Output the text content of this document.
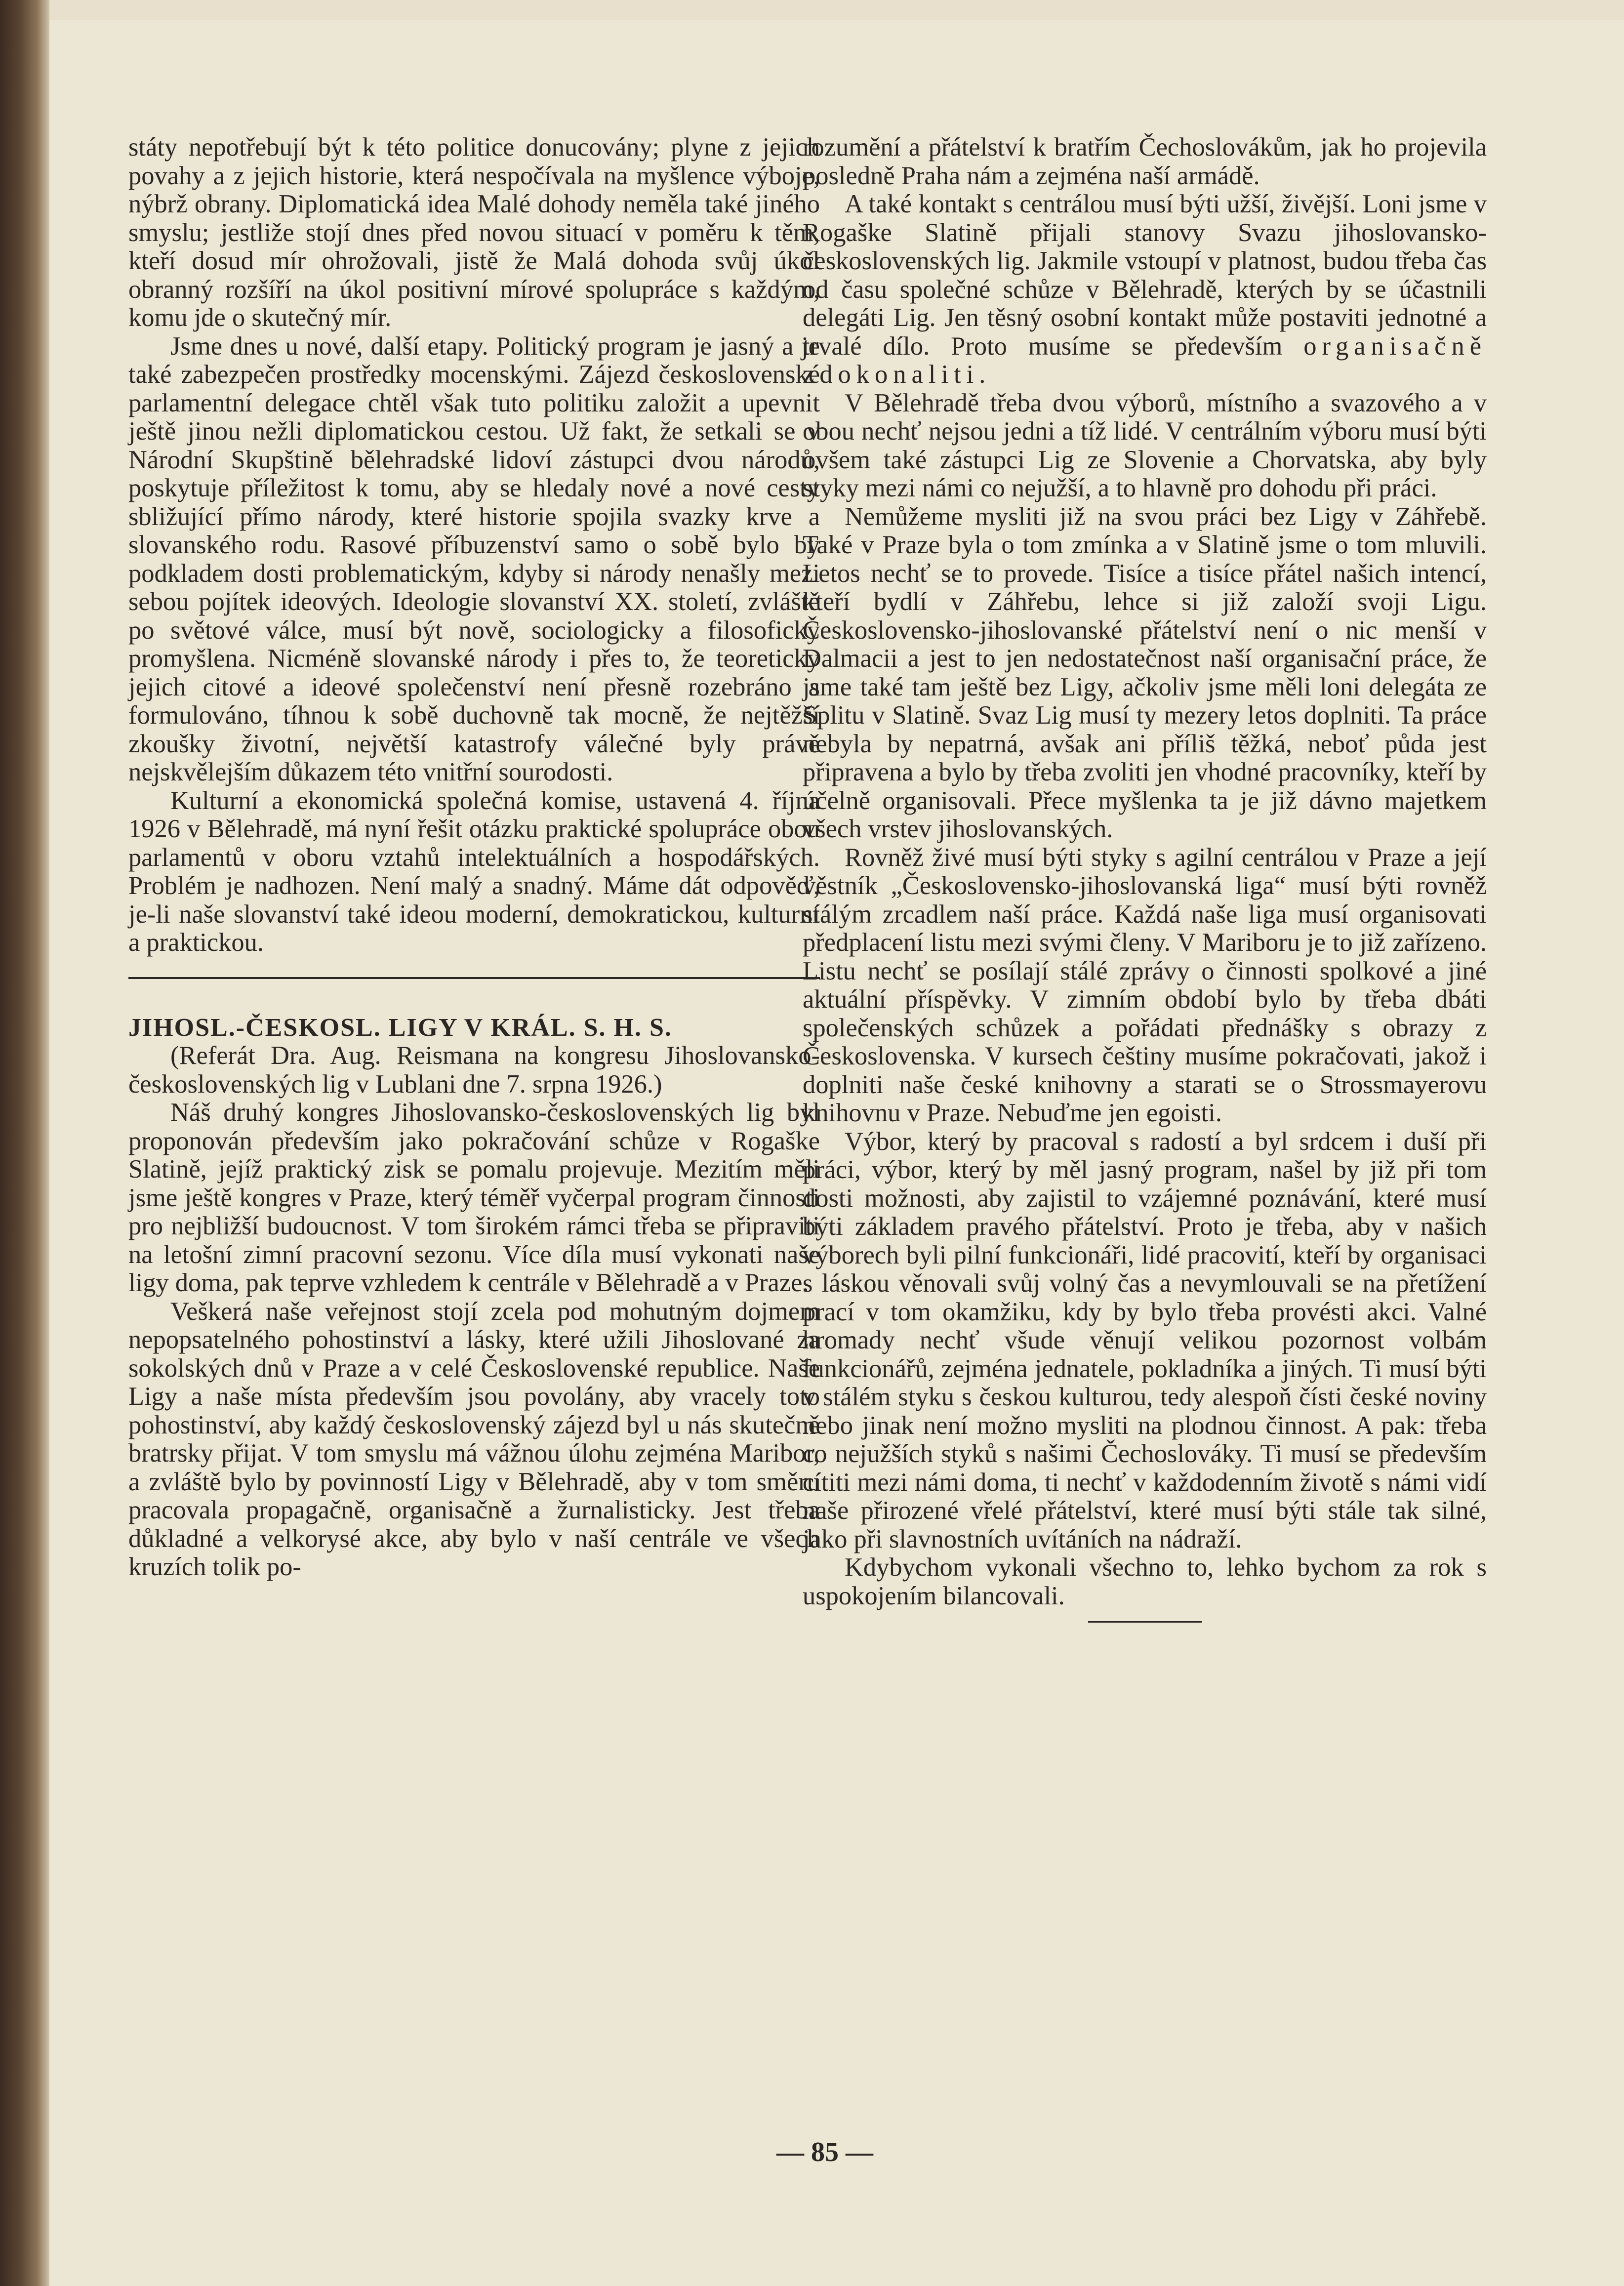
státy nepotřebují být k této politice donucovány; plyne z jejich povahy a z jejich historie, která nespočívala na myšlence výboje, nýbrž obrany. Diplomatická idea Malé dohody neměla také jiného smyslu; jestliže stojí dnes před novou situací v poměru k těm, kteří dosud mír ohrožovali, jistě že Malá dohoda svůj úkol obranný rozšíří na úkol positivní mírové spolupráce s každým, komu jde o skutečný mír.

Jsme dnes u nové, další etapy. Politický program je jasný a je také zabezpečen prostředky mocenskými. Zájezd československé parlamentní delegace chtěl však tuto politiku založit a upevnit ještě jinou nežli diplomatickou cestou. Už fakt, že setkali se v Národní Skupštině bělehradské lidoví zástupci dvou národů, poskytuje příležitost k tomu, aby se hledaly nové a nové cesty sbližující přímo národy, které historie spojila svazky krve a slovanského rodu. Rasové příbuzenství samo o sobě bylo by podkladem dosti problematickým, kdyby si národy nenašly mezi sebou pojítek ideových. Ideologie slovanství XX. století, zvláště po světové válce, musí být nově, sociologicky a filosoficky promyšlena. Nicméně slovanské národy i přes to, že teoreticky jejich citové a ideové společenství není přesně rozebráno a formulováno, tíhnou k sobě duchovně tak mocně, že nejtěžší zkoušky životní, největší katastrofy válečné byly právě nejskvělejším důkazem této vnitřní sourodosti.

Kulturní a ekonomická společná komise, ustavená 4. října 1926 v Bělehradě, má nyní řešit otázku praktické spolupráce obou parlamentů v oboru vztahů intelektuálních a hospodářských. Problém je nadhozen. Není malý a snadný. Máme dát odpověď, je-li naše slovanství také ideou moderní, demokratickou, kulturní a praktickou.

JIHOSL.-ČESKOSL. LIGY V KRÁL. S. H. S.

(Referát Dra. Aug. Reismana na kongresu Jihoslovansko-československých lig v Lublani dne 7. srpna 1926.)

Náš druhý kongres Jihoslovansko-československých lig byl proponován především jako pokračování schůze v Rogaške Slatině, jejíž praktický zisk se pomalu projevuje. Mezitím měli jsme ještě kongres v Praze, který téměř vyčerpal program činnosti pro nejbližší budoucnost. V tom širokém rámci třeba se připraviti na letošní zimní pracovní sezonu. Více díla musí vykonati naše ligy doma, pak teprve vzhledem k centrále v Bělehradě a v Praze.

Veškerá naše veřejnost stojí zcela pod mohutným dojmem nepopsatelného pohostinství a lásky, které užili Jihoslované za sokolských dnů v Praze a v celé Československé republice. Naše Ligy a naše místa především jsou povolány, aby vracely toto pohostinství, aby každý československý zájezd byl u nás skutečně bratrsky přijat. V tom smyslu má vážnou úlohu zejména Maribor, a zvláště bylo by povinností Ligy v Bělehradě, aby v tom směru pracovala propagačně, organisačně a žurnalisticky. Jest třeba důkladné a velkorysé akce, aby bylo v naší centrále ve všech kruzích tolik po-

rozumění a přátelství k bratřím Čechoslovákům, jak ho projevila posledně Praha nám a zejména naší armádě.

A také kontakt s centrálou musí býti užší, živější. Loni jsme v Rogaške Slatině přijali stanovy Svazu jihoslovansko-československých lig. Jakmile vstoupí v platnost, budou třeba čas od času společné schůze v Bělehradě, kterých by se účastnili delegáti Lig. Jen těsný osobní kontakt může postaviti jednotné a trvalé dílo. Proto musíme se především organisačně zdokonaliti.

V Bělehradě třeba dvou výborů, místního a svazového a v obou nechť nejsou jedni a tíž lidé. V centrálním výboru musí býti ovšem také zástupci Lig ze Slovenie a Chorvatska, aby byly styky mezi námi co nejužší, a to hlavně pro dohodu při práci.

Nemůžeme mysliti již na svou práci bez Ligy v Záhřebě. Také v Praze byla o tom zmínka a v Slatině jsme o tom mluvili. Letos nechť se to provede. Tisíce a tisíce přátel našich intencí, kteří bydlí v Záhřebu, lehce si již založí svoji Ligu. Československo-jihoslovanské přátelství není o nic menší v Dalmacii a jest to jen nedostatečnost naší organisační práce, že jsme také tam ještě bez Ligy, ačkoliv jsme měli loni delegáta ze Splitu v Slatině. Svaz Lig musí ty mezery letos doplniti. Ta práce nebyla by nepatrná, avšak ani příliš těžká, neboť půda jest připravena a bylo by třeba zvoliti jen vhodné pracovníky, kteří by účelně organisovali. Přece myšlenka ta je již dávno majetkem všech vrstev jihoslovanských.

Rovněž živé musí býti styky s agilní centrálou v Praze a její věstník „Československo-jihoslovanská liga“ musí býti rovněž stálým zrcadlem naší práce. Každá naše liga musí organisovati předplacení listu mezi svými členy. V Mariboru je to již zařízeno. Listu nechť se posílají stálé zprávy o činnosti spolkové a jiné aktuální příspěvky. V zimním období bylo by třeba dbáti společenských schůzek a pořádati přednášky s obrazy z Československa. V kursech češtiny musíme pokračovati, jakož i doplniti naše české knihovny a starati se o Strossmayerovu knihovnu v Praze. Nebuďme jen egoisti.

Výbor, který by pracoval s radostí a byl srdcem i duší při práci, výbor, který by měl jasný program, našel by již při tom dosti možnosti, aby zajistil to vzájemné poznávání, které musí býti základem pravého přátelství. Proto je třeba, aby v našich výborech byli pilní funkcionáři, lidé pracovití, kteří by organisaci s láskou věnovali svůj volný čas a nevymlouvali se na přetížení prací v tom okamžiku, kdy by bylo třeba provésti akci. Valné hromady nechť všude věnují velikou pozornost volbám funkcionářů, zejména jednatele, pokladníka a jiných. Ti musí býti v stálém styku s českou kulturou, tedy alespoň čísti české noviny nebo jinak není možno mysliti na plodnou činnost. A pak: třeba co nejužších styků s našimi Čechoslováky. Ti musí se především cítiti mezi námi doma, ti nechť v každodenním životě s námi vidí naše přirozené vřelé přátelství, které musí býti stále tak silné, jako při slavnostních uvítáních na nádraží.

Kdybychom vykonali všechno to, lehko bychom za rok s uspokojením bilancovali.

— 85 —
